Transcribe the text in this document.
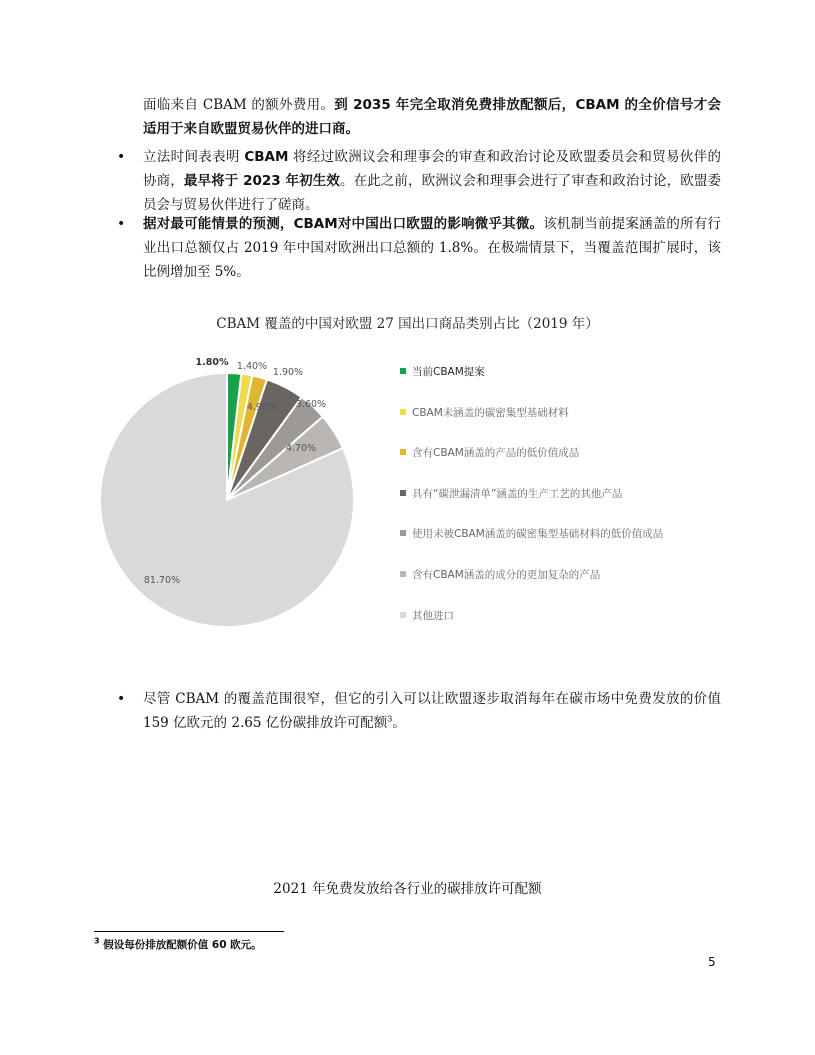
面临来自 CBAM 的额外费用。到 2035 年完全取消免费排放配额后，CBAM 的全价信号才会适用于来自欧盟贸易伙伴的进口商。

• 立法时间表表明 CBAM 将经过欧洲议会和理事会的审查和政治讨论及欧盟委员会和贸易伙伴的协商，最早将于 2023 年初生效。在此之前，欧洲议会和理事会进行了审查和政治讨论，欧盟委员会与贸易伙伴进行了磋商。

• 据对最可能情景的预测，CBAM对中国出口欧盟的影响微乎其微。该机制当前提案涵盖的所有行业出口总额仅占 2019 年中国对欧洲出口总额的 1.8%。在极端情景下，当覆盖范围扩展时，该比例增加至 5%。

CBAM 覆盖的中国对欧盟 27 国出口商品类别占比（2019 年）
1.80% 1.40%
1.90%
4.90% 3.60%
4.70%
81.70%
当前CBAM提案
CBAM未涵盖的碳密集型基础材料
含有CBAM涵盖的产品的低价值成品
具有“碳泄漏清单”涵盖的生产工艺的其他产品
使用未被CBAM涵盖的碳密集型基础材料的低价值成品
含有CBAM涵盖的成分的更加复杂的产品
其他进口
• 尽管 CBAM 的覆盖范围很窄，但它的引入可以让欧盟逐步取消每年在碳市场中免费发放的价值 159 亿欧元的 2.65 亿份碳排放许可配额$^3$。

2021 年免费发放给各行业的碳排放许可配额
$^3$ 假设每份排放配额价值 60 欧元。
5
